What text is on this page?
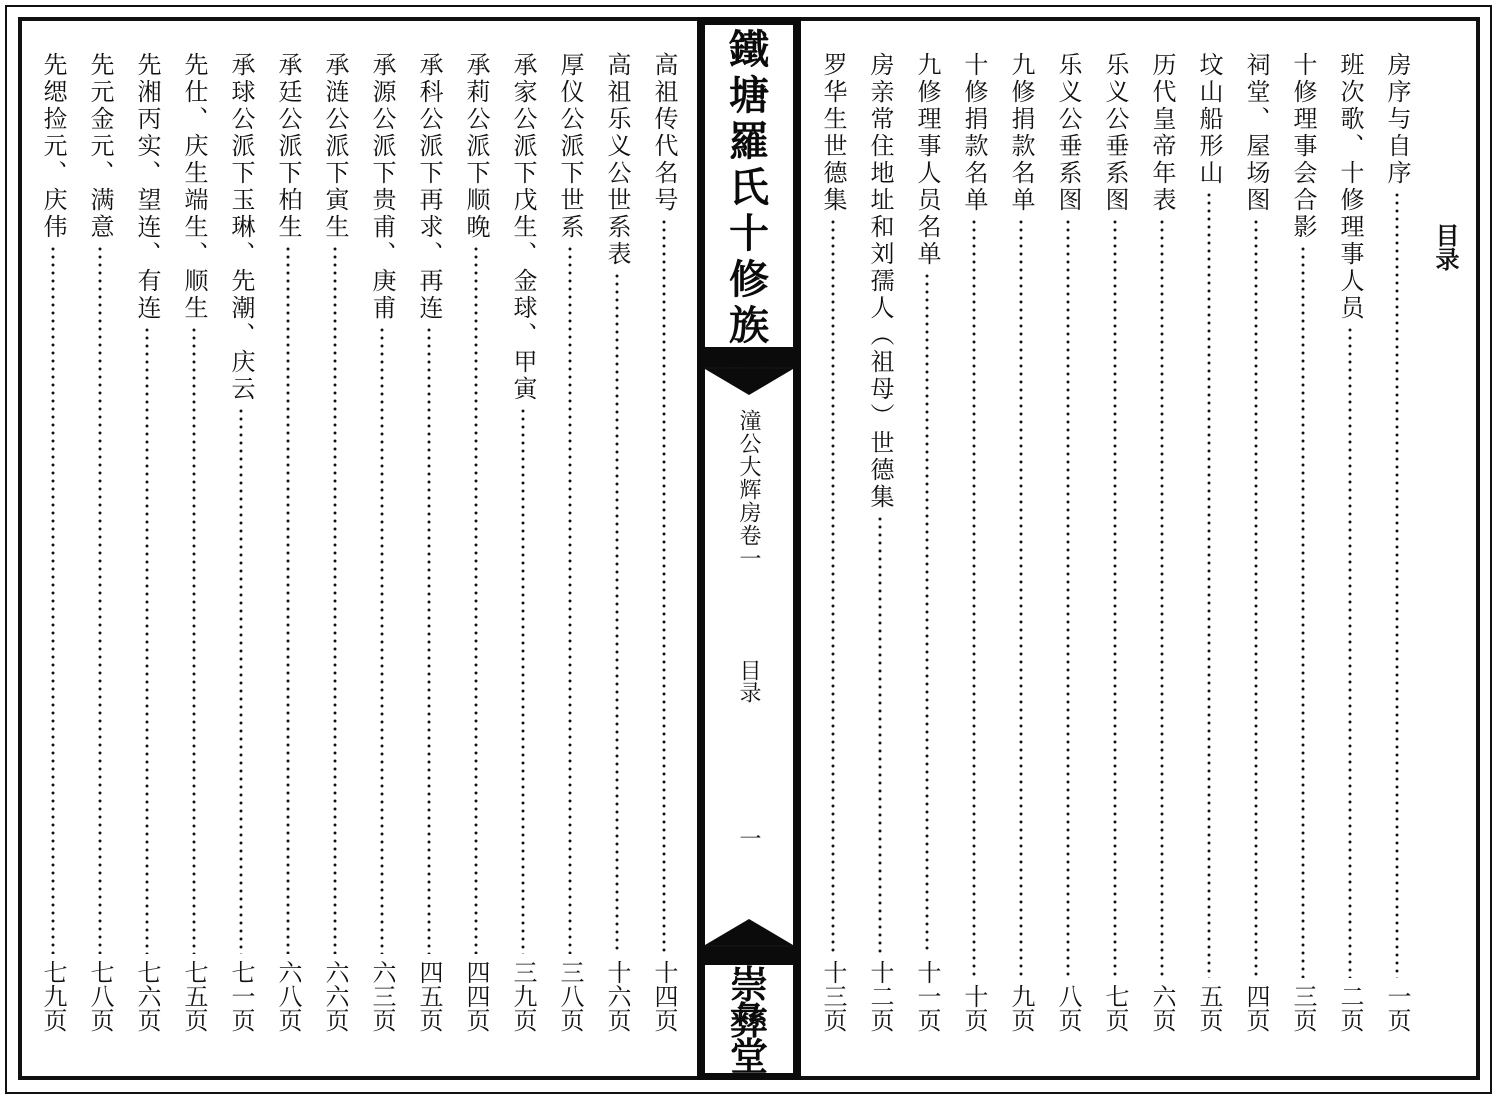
鐵
塘
羅
氏
十
修
族
潼公大辉房卷一
目录
一
崇
彝
堂
目录
房序与自序
一页
班次歌、十修理事人员
二页
十修理事会合影
三页
祠堂、屋场图
四页
坟山船形山
五页
历代皇帝年表
六页
乐义公垂系图
七页
乐义公垂系图
八页
九修捐款名单
九页
十修捐款名单
十页
九修理事人员名单
十一页
房亲常住地址和刘孺人（祖母）世德集
十二页
罗华生世德集
十三页
高祖传代名号
十四页
高祖乐义公世系表
十六页
厚仪公派下世系
三八页
承家公派下戊生、金球、甲寅
三九页
承莉公派下顺晚
四四页
承科公派下再求、再连
四五页
承源公派下贵甫、庚甫
六三页
承涟公派下寅生
六六页
承廷公派下柏生
六八页
承球公派下玉琳、先潮、庆云
七一页
先仕、庆生端生、顺生
七五页
先湘丙实、望连、有连
七六页
先元金元、满意
七八页
先缌捡元、庆伟
七九页
